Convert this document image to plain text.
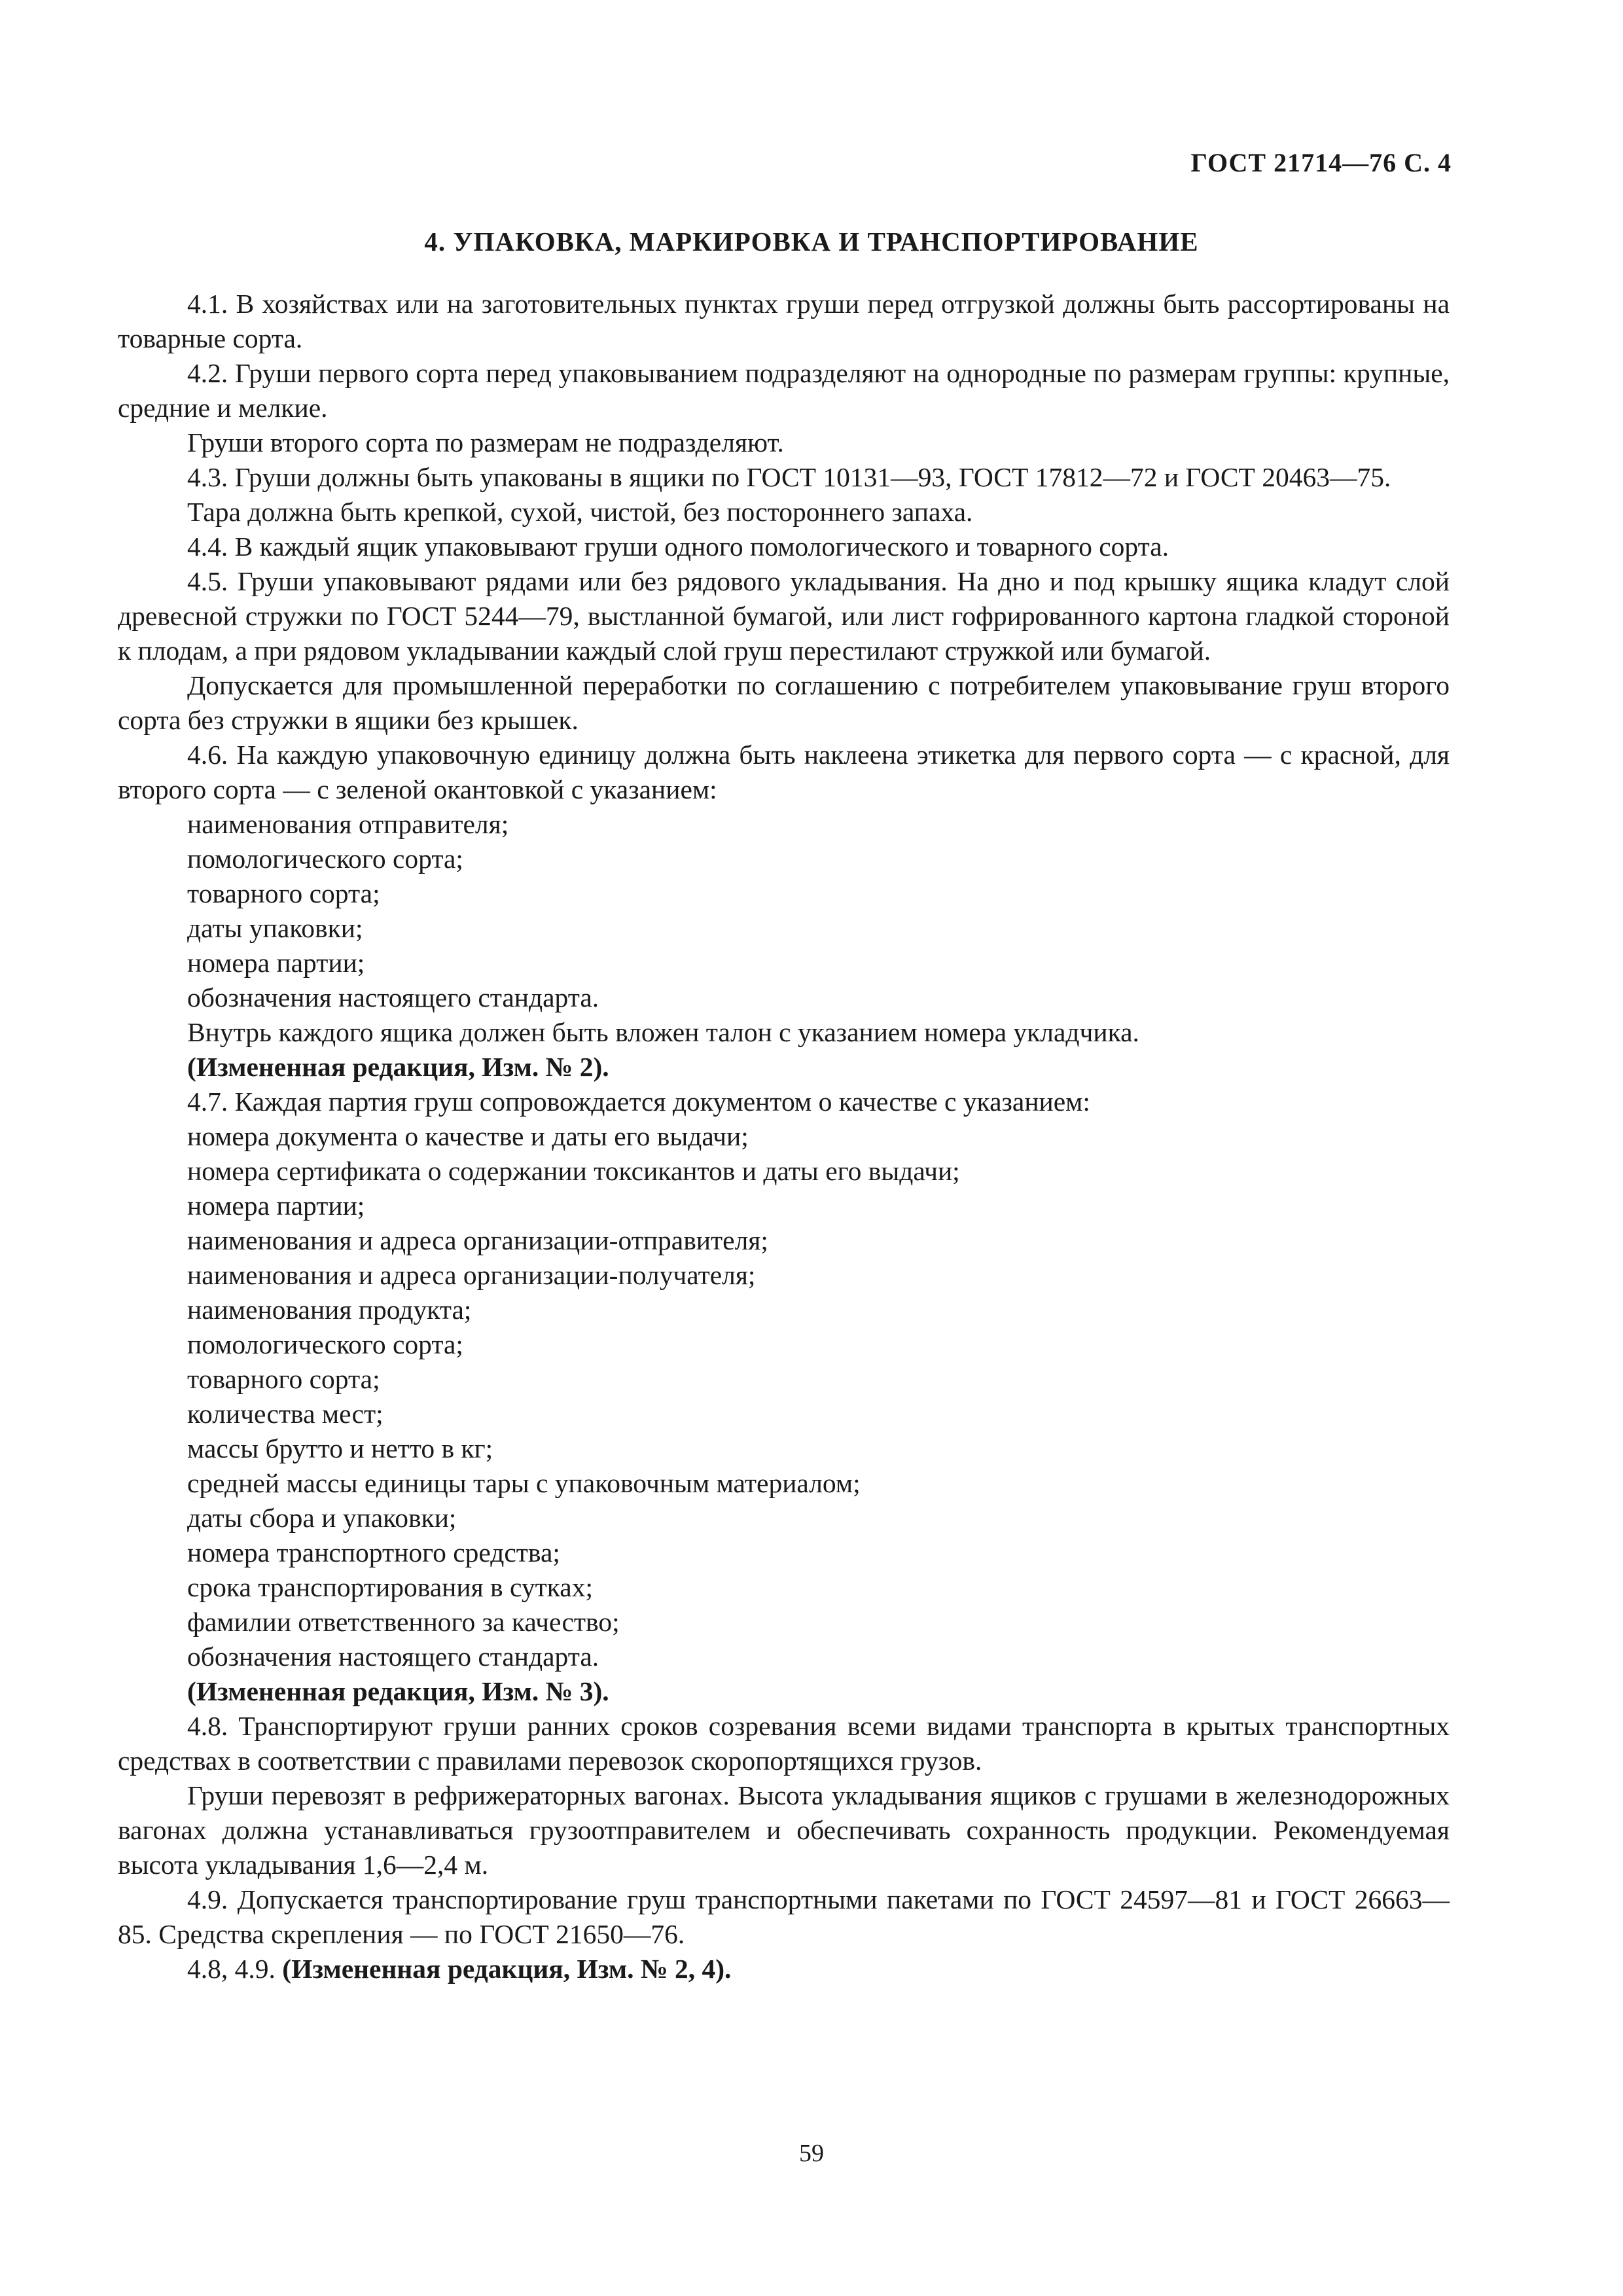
ГОСТ 21714—76 С. 4
4. УПАКОВКА, МАРКИРОВКА И ТРАНСПОРТИРОВАНИЕ

4.1. В хозяйствах или на заготовительных пунктах груши перед отгрузкой должны быть рассортированы на товарные сорта.

4.2. Груши первого сорта перед упаковыванием подразделяют на однородные по размерам группы: крупные, средние и мелкие.

Груши второго сорта по размерам не подразделяют.

4.3. Груши должны быть упакованы в ящики по ГОСТ 10131—93, ГОСТ 17812—72 и ГОСТ 20463—75.

Тара должна быть крепкой, сухой, чистой, без постороннего запаха.

4.4. В каждый ящик упаковывают груши одного помологического и товарного сорта.

4.5. Груши упаковывают рядами или без рядового укладывания. На дно и под крышку ящика кладут слой древесной стружки по ГОСТ 5244—79, выстланной бумагой, или лист гофрированного картона гладкой стороной к плодам, а при рядовом укладывании каждый слой груш перестилают стружкой или бумагой.

Допускается для промышленной переработки по соглашению с потребителем упаковывание груш второго сорта без стружки в ящики без крышек.

4.6. На каждую упаковочную единицу должна быть наклеена этикетка для первого сорта — с красной, для второго сорта — с зеленой окантовкой с указанием:

наименования отправителя;

помологического сорта;

товарного сорта;

даты упаковки;

номера партии;

обозначения настоящего стандарта.

Внутрь каждого ящика должен быть вложен талон с указанием номера укладчика.

(Измененная редакция, Изм. № 2).

4.7. Каждая партия груш сопровождается документом о качестве с указанием:

номера документа о качестве и даты его выдачи;

номера сертификата о содержании токсикантов и даты его выдачи;

номера партии;

наименования и адреса организации-отправителя;

наименования и адреса организации-получателя;

наименования продукта;

помологического сорта;

товарного сорта;

количества мест;

массы брутто и нетто в кг;

средней массы единицы тары с упаковочным материалом;

даты сбора и упаковки;

номера транспортного средства;

срока транспортирования в сутках;

фамилии ответственного за качество;

обозначения настоящего стандарта.

(Измененная редакция, Изм. № 3).

4.8. Транспортируют груши ранних сроков созревания всеми видами транспорта в крытых транспортных средствах в соответствии с правилами перевозок скоропортящихся грузов.

Груши перевозят в рефрижераторных вагонах. Высота укладывания ящиков с грушами в железнодорожных вагонах должна устанавливаться грузоотправителем и обеспечивать сохранность продукции. Рекомендуемая высота укладывания 1,6—2,4 м.

4.9. Допускается транспортирование груш транспортными пакетами по ГОСТ 24597—81 и ГОСТ 26663—85. Средства скрепления — по ГОСТ 21650—76.

4.8, 4.9. (Измененная редакция, Изм. № 2, 4).

59
